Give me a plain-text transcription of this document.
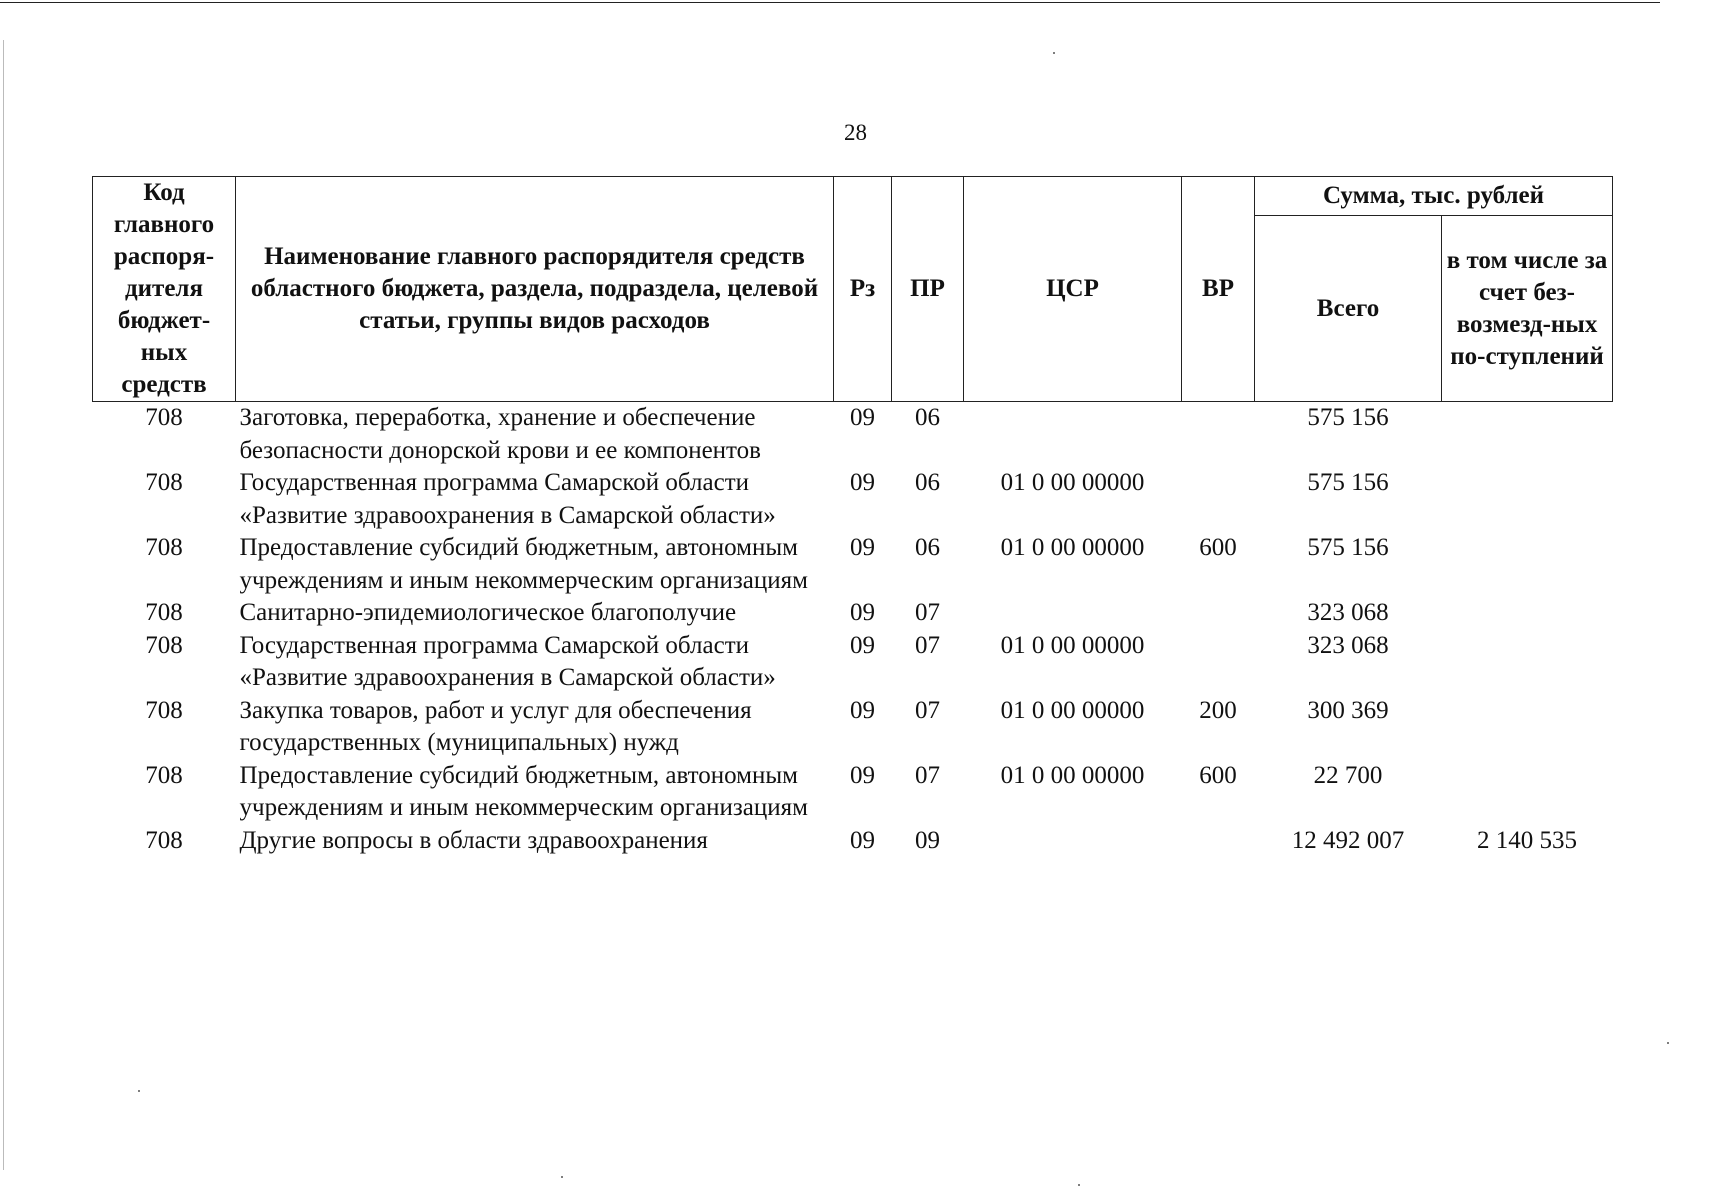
28
Код главного распоря-дителя бюджет-ных средств	Наименование главного распорядителя средств областного бюджета, раздела, подраздела, целевой статьи, группы видов расходов	Рз	ПР	ЦСР	ВР	Сумма, тыс. рублей	
						Всего	в том числе за счет без-возмезд-ных по-ступлений
708	Заготовка, переработка, хранение и обеспечение безопасности донорской крови и ее компонентов	09	06			575 156	
708	Государственная программа Самарской области «Развитие здравоохранения в Самарской области»	09	06	01 0 00 00000		575 156	
708	Предоставление субсидий бюджетным, автономным учреждениям и иным некоммерческим организациям	09	06	01 0 00 00000	600	575 156	
708	Санитарно-эпидемиологическое благополучие	09	07			323 068	
708	Государственная программа Самарской области «Развитие здравоохранения в Самарской области»	09	07	01 0 00 00000		323 068	
708	Закупка товаров, работ и услуг для обеспечения государственных (муниципальных) нужд	09	07	01 0 00 00000	200	300 369	
708	Предоставление субсидий бюджетным, автономным учреждениям и иным некоммерческим организациям	09	07	01 0 00 00000	600	22 700	
708	Другие вопросы в области здравоохранения	09	09			12 492 007	2 140 535
